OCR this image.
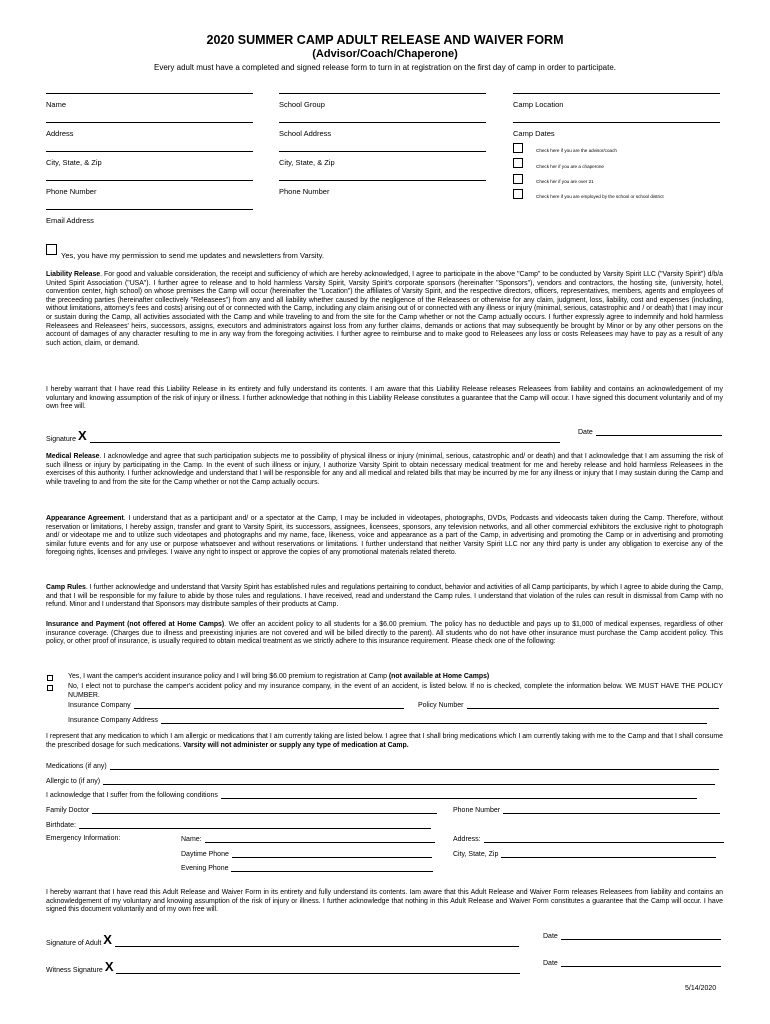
2020 SUMMER CAMP ADULT RELEASE AND WAIVER FORM
(Advisor/Coach/Chaperone)
Every adult must have a completed and signed release form to turn in at registration on the first day of camp in order to participate.
Name	School Group	Camp Location
Address	School Address	Camp Dates
City, State, & Zip	City, State, & Zip
Phone Number	Phone Number
Email Address
Check here if you are the advisor/coach
Check her if you are a chaperone
Check her if you are over 21
Check here if you are employed by the school or school district
Yes, you have my permission to send me updates and newsletters from Varsity.
Liability Release. For good and valuable consideration, the receipt and sufficiency of which are hereby acknowledged, I agree to participate in the above "Camp" to be conducted by Varsity Spirit LLC ("Varsity Spirit") d/b/a United Spirit Association ("USA"). I further agree to release and to hold harmless Varsity Spirit, Varsity Spirit's corporate sponsors (hereinafter "Sponsors"), vendors and contractors, the hosting site, (university, hotel, convention center, high school) on whose premises the Camp will occur (hereinafter the "Location") the affiliates of Varsity Spirit, and the respective directors, officers, representatives, members, agents and employees of the preceeding parties (hereinafter collectively "Releasees") from any and all liability whether caused by the negligence of the Releasees or otherwise for any claim, judgment, loss, liability, cost and expenses (including, without limitations, attorney's fees and costs) arising out of or connected with the Camp, including any claim arising out of or connected with any illness or injury (minimal, serious, catastrophic and / or death) that I may incur or sustain during the Camp, all activities associated with the Camp and while traveling to and from the site for the Camp whether or not the Camp actually occurs. I further expressly agree to indemnify and hold harmless Releasees and Releasees' heirs, successors, assigns, executors and administrators against loss from any further claims, demands or actions that may subsequently be brought by Minor or by any other persons on the account of damages of any character resulting to me in any way from the foregoing activities. I further agree to reimburse and to make good to Releasees any loss or costs Releasees may have to pay as a result of any such action, claim, or demand.
I hereby warrant that I have read this Liability Release in its entirety and fully understand its contents. I am aware that this Liability Release releases Releasees from liability and contains an acknowledgement of my voluntary and knowing assumption of the risk of injury or illness. I further acknowledge that nothing in this Liability Release constitutes a guarantee that the Camp will occur. I have signed this document voluntarily and of my own free will.
Signature X	Date
Medical Release. I acknowledge and agree that such participation subjects me to possibility of physical illness or injury (minimal, serious, catastrophic and/ or death) and that I acknowledge that I am assuming the risk of such illness or injury by participating in the Camp. In the event of such illness or injury, I authorize Varsity Spirit to obtain necessary medical treatment for me and hereby release and hold harmless Releasees in the exercises of this authority. I further acknowledge and understand that I will be responsible for any and all medical and related bills that may be incurred by me for any illness or injury that I may sustain during the Camp and while traveling to and from the site for the Camp whether or not the Camp actually occurs.
Appearance Agreement. I understand that as a participant and/ or a spectator at the Camp, I may be included in videotapes, photographs, DVDs, Podcasts and videocasts taken during the Camp. Therefore, without reservation or limitations, I hereby assign, transfer and grant to Varsity Spirit, its successors, assignees, licensees, sponsors, any television networks, and all other commercial exhibitors the exclusive right to photograph and/ or videotape me and to utilize such videotapes and photographs and my name, face, likeness, voice and appearance as a part of the Camp, in advertising and promoting the Camp or in advertising and promoting similar future events and for any use or purpose whatsoever and without reservations or limitations. I further understand that neither Varsity Spirit LLC nor any third party is under any obligation to exercise any of the foregoing rights, licenses and privileges. I waive any right to inspect or approve the copies of any promotional materials related thereto.
Camp Rules. I further acknowledge and understand that Varsity Spirit has established rules and regulations pertaining to conduct, behavior and activities of all Camp participants, by which I agree to abide during the Camp, and that I will be responsible for my failure to abide by those rules and regulations. I have received, read and understand the Camp rules. I understand that violation of the rules can result in dismissal from Camp with no refund. Minor and I understand that Sponsors may distribute samples of their products at Camp.
Insurance and Payment (not offered at Home Camps). We offer an accident policy to all students for a $6.00 premium. The policy has no deductible and pays up to $1,000 of medical expenses, regardless of other insurance coverage. (Charges due to illness and preexisting injuries are not covered and will be billed directly to the parent). All students who do not have other insurance must purchase the Camp accident policy. This policy, or other proof of insurance, is usually required to obtain medical treatment as we strictly adhere to this insurance requirement. Please check one of the following:
Yes, I want the camper's accident insurance policy and I will bring $6.00 premium to registration at Camp (not available at Home Camps)
No, I elect not to purchase the camper's accident policy and my insurance company, in the event of an accident, is listed below. If no is checked, complete the information below. WE MUST HAVE THE POLICY NUMBER.
Insurance Company	Policy Number
Insurance Company Address
I represent that any medication to which I am allergic or medications that I am currently taking are listed below. I agree that I shall bring medications which I am currently taking with me to the Camp and that I shall consume the prescribed dosage for such medications. Varsity will not administer or supply any type of medication at Camp.
Medications (if any)
Allergic to (if any)
I acknowledge that I suffer from the following conditions
Family Doctor	Phone Number
Birthdate:
Emergency Information:	Name:	Address:
Daytime Phone	City, State, Zip
Evening Phone
I hereby warrant that I have read this Adult Release and Waiver Form in its entirety and fully understand its contents. Iam aware that this Adult Release and Waiver Form releases Releasees from liability and contains an acknowledgement of my voluntary and knowing assumption of the risk of injury or illness. I further acknowledge that nothing in this Adult Release and Waiver Form constitutes a guarantee that the Camp will occur. I have signed this document voluntarily and of my own free will.
Signature of Adult X	Date
Witness Signature X	Date
5/14/2020
